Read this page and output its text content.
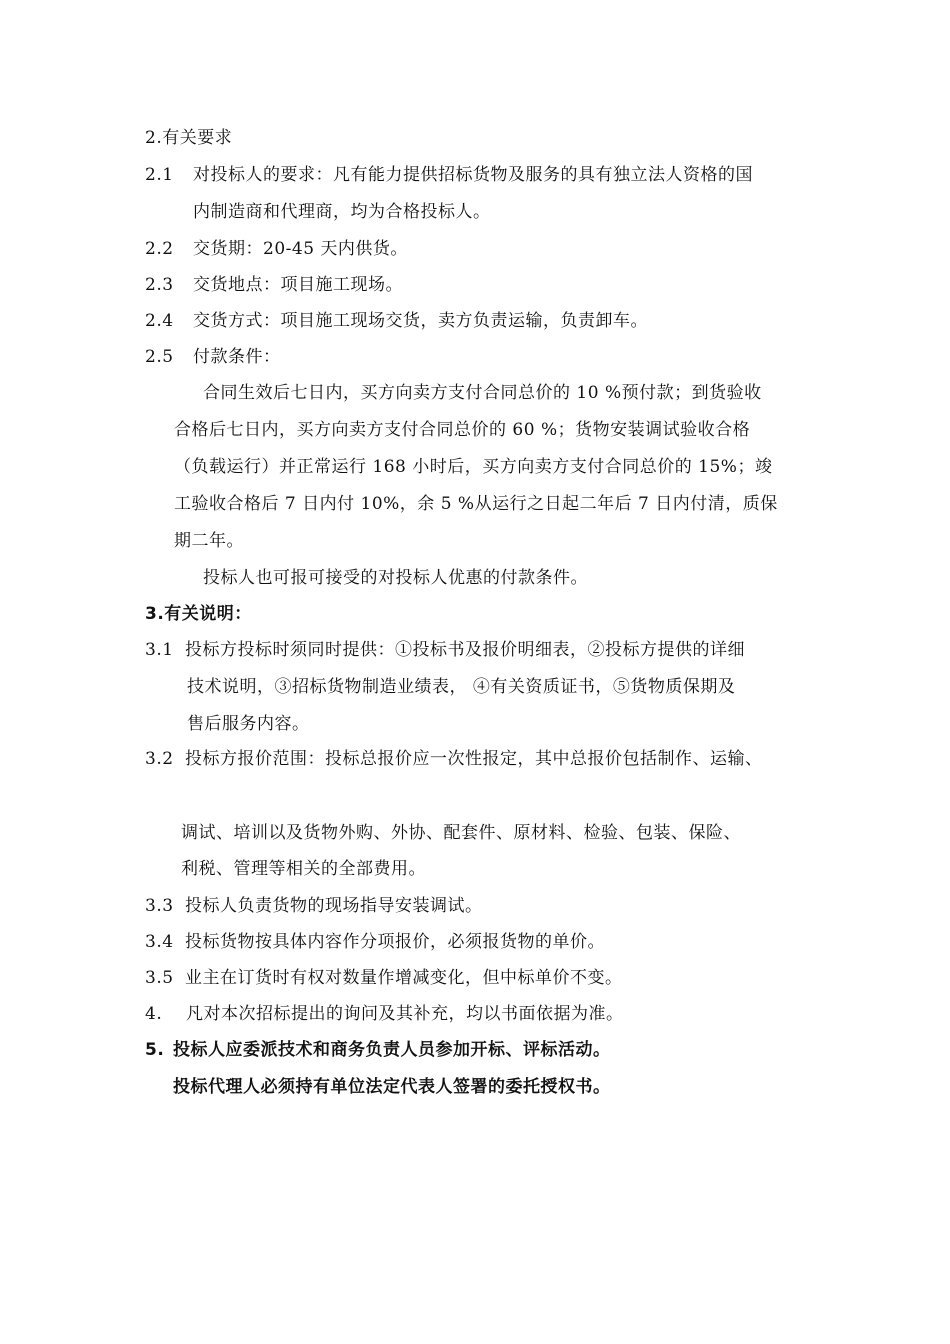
2.有关要求
2.1 对投标人的要求：凡有能力提供招标货物及服务的具有独立法人资格的国
内制造商和代理商，均为合格投标人。
2.2 交货期：20-45 天内供货。
2.3 交货地点：项目施工现场。
2.4 交货方式：项目施工现场交货，卖方负责运输，负责卸车。
2.5 付款条件：
合同生效后七日内，买方向卖方支付合同总价的 10 %预付款；到货验收
合格后七日内，买方向卖方支付合同总价的 60 %；货物安装调试验收合格
（负载运行）并正常运行 168 小时后，买方向卖方支付合同总价的 15%；竣
工验收合格后 7 日内付 10%，余 5 %从运行之日起二年后 7 日内付清，质保
期二年。
投标人也可报可接受的对投标人优惠的付款条件。
3.有关说明：
3.1 投标方投标时须同时提供：①投标书及报价明细表，②投标方提供的详细
技术说明，③招标货物制造业绩表， ④有关资质证书，⑤货物质保期及
售后服务内容。
3.2 投标方报价范围：投标总报价应一次性报定，其中总报价包括制作、运输、
调试、培训以及货物外购、外协、配套件、原材料、检验、包装、保险、
利税、管理等相关的全部费用。
3.3 投标人负责货物的现场指导安装调试。
3.4 投标货物按具体内容作分项报价，必须报货物的单价。
3.5 业主在订货时有权对数量作增减变化，但中标单价不变。
4. 凡对本次招标提出的询问及其补充，均以书面依据为准。
5. 投标人应委派技术和商务负责人员参加开标、评标活动。
投标代理人必须持有单位法定代表人签署的委托授权书。
